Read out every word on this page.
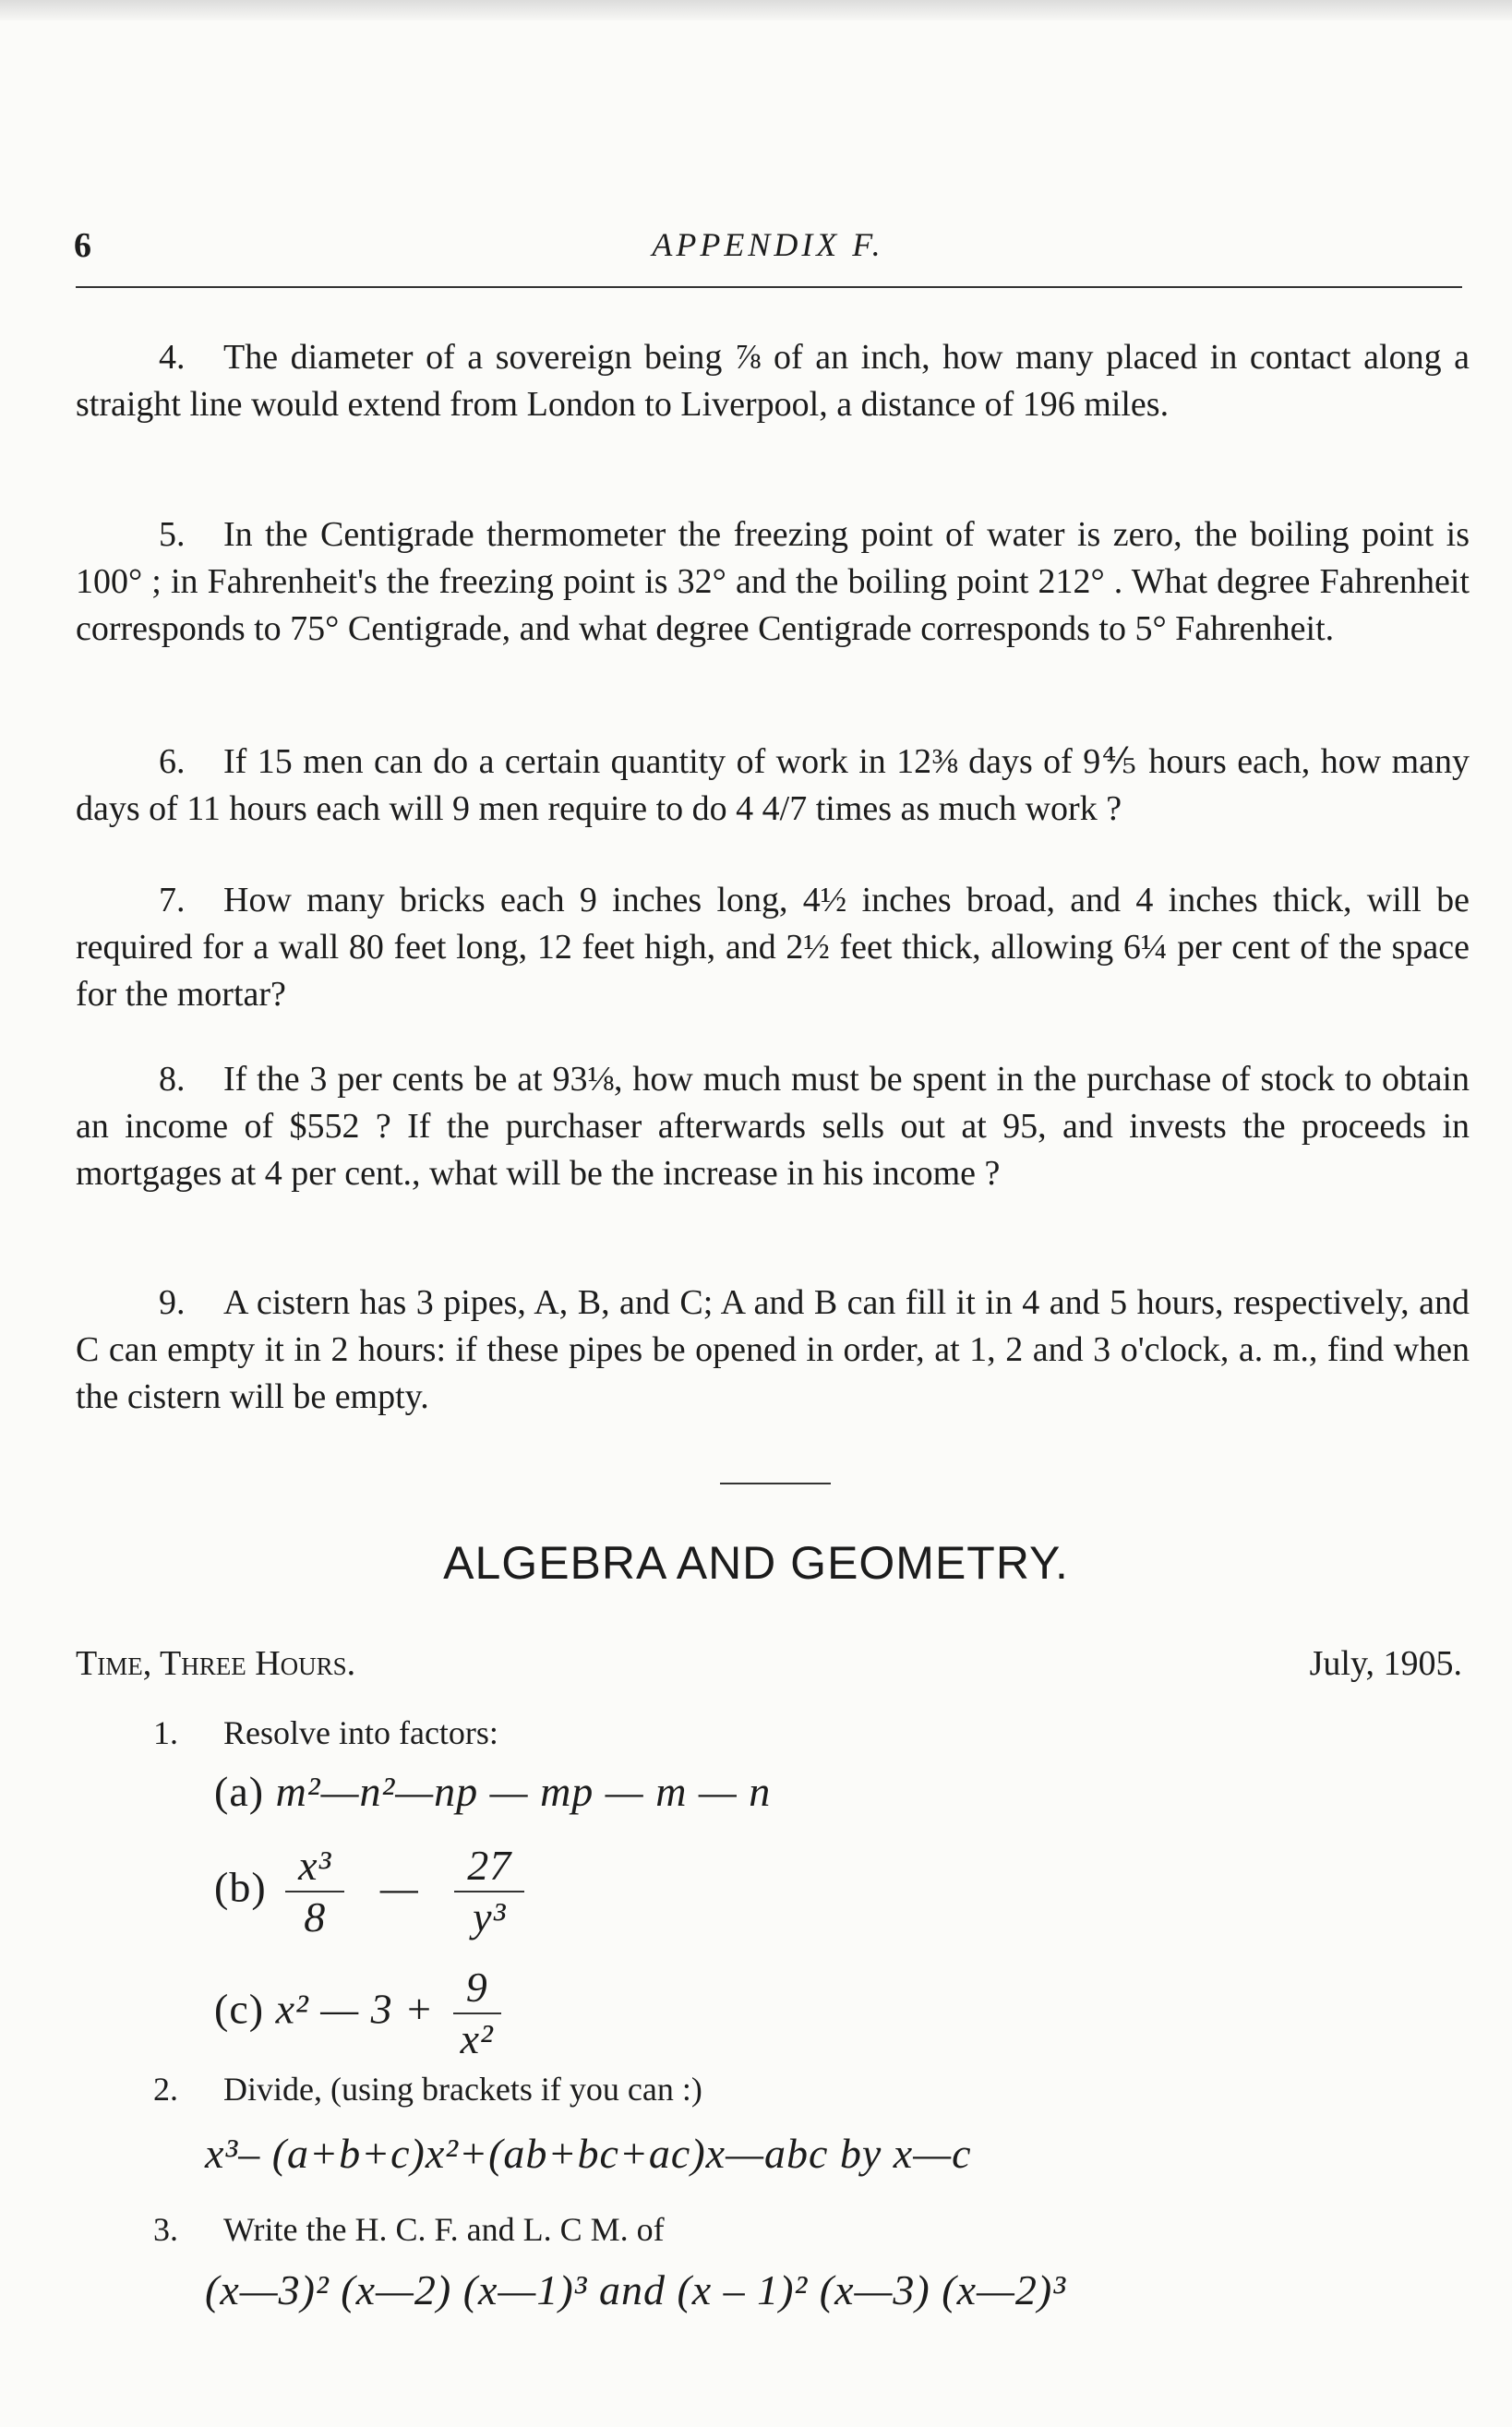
6	APPENDIX F.
4. The diameter of a sovereign being ⅞ of an inch, how many placed in contact along a straight line would extend from London to Liverpool, a distance of 196 miles.
5. In the Centigrade thermometer the freezing point of water is zero, the boiling point is 100° ; in Fahrenheit's the freezing point is 32° and the boiling point 212° . What degree Fahrenheit corresponds to 75° Centigrade, and what degree Centigrade corresponds to 5° Fahrenheit.
6. If 15 men can do a certain quantity of work in 12⅜ days of 9⅘ hours each, how many days of 11 hours each will 9 men require to do 4 4/7 times as much work ?
7. How many bricks each 9 inches long, 4½ inches broad, and 4 inches thick, will be required for a wall 80 feet long, 12 feet high, and 2½ feet thick, allowing 6¼ per cent of the space for the mortar?
8. If the 3 per cents be at 93⅛, how much must be spent in the purchase of stock to obtain an income of $552 ? If the purchaser afterwards sells out at 95, and invests the proceeds in mortgages at 4 per cent., what will be the increase in his income ?
9. A cistern has 3 pipes, A, B, and C; A and B can fill it in 4 and 5 hours, respectively, and C can empty it in 2 hours: if these pipes be opened in order, at 1, 2 and 3 o'clock, a. m., find when the cistern will be empty.
ALGEBRA AND GEOMETRY.
Time, Three Hours.	July, 1905.
1. Resolve into factors:
(a) m²—n²—np — mp — m — n
$(b) \frac{\text{x³}}{8}$ — $\frac{27}{\text{y³}}$
(c) x² — $3 + \frac{9}{\text{x²}}$
2. Divide, (using brackets if you can :)
x³– (a+b+c)x²+(ab+bc+ac)x—abc by x—c
3. Write the H. C. F. and L. C M. of
(x—3)² (x—2) (x—1)³ and (x – 1)² (x—3) (x—2)³
